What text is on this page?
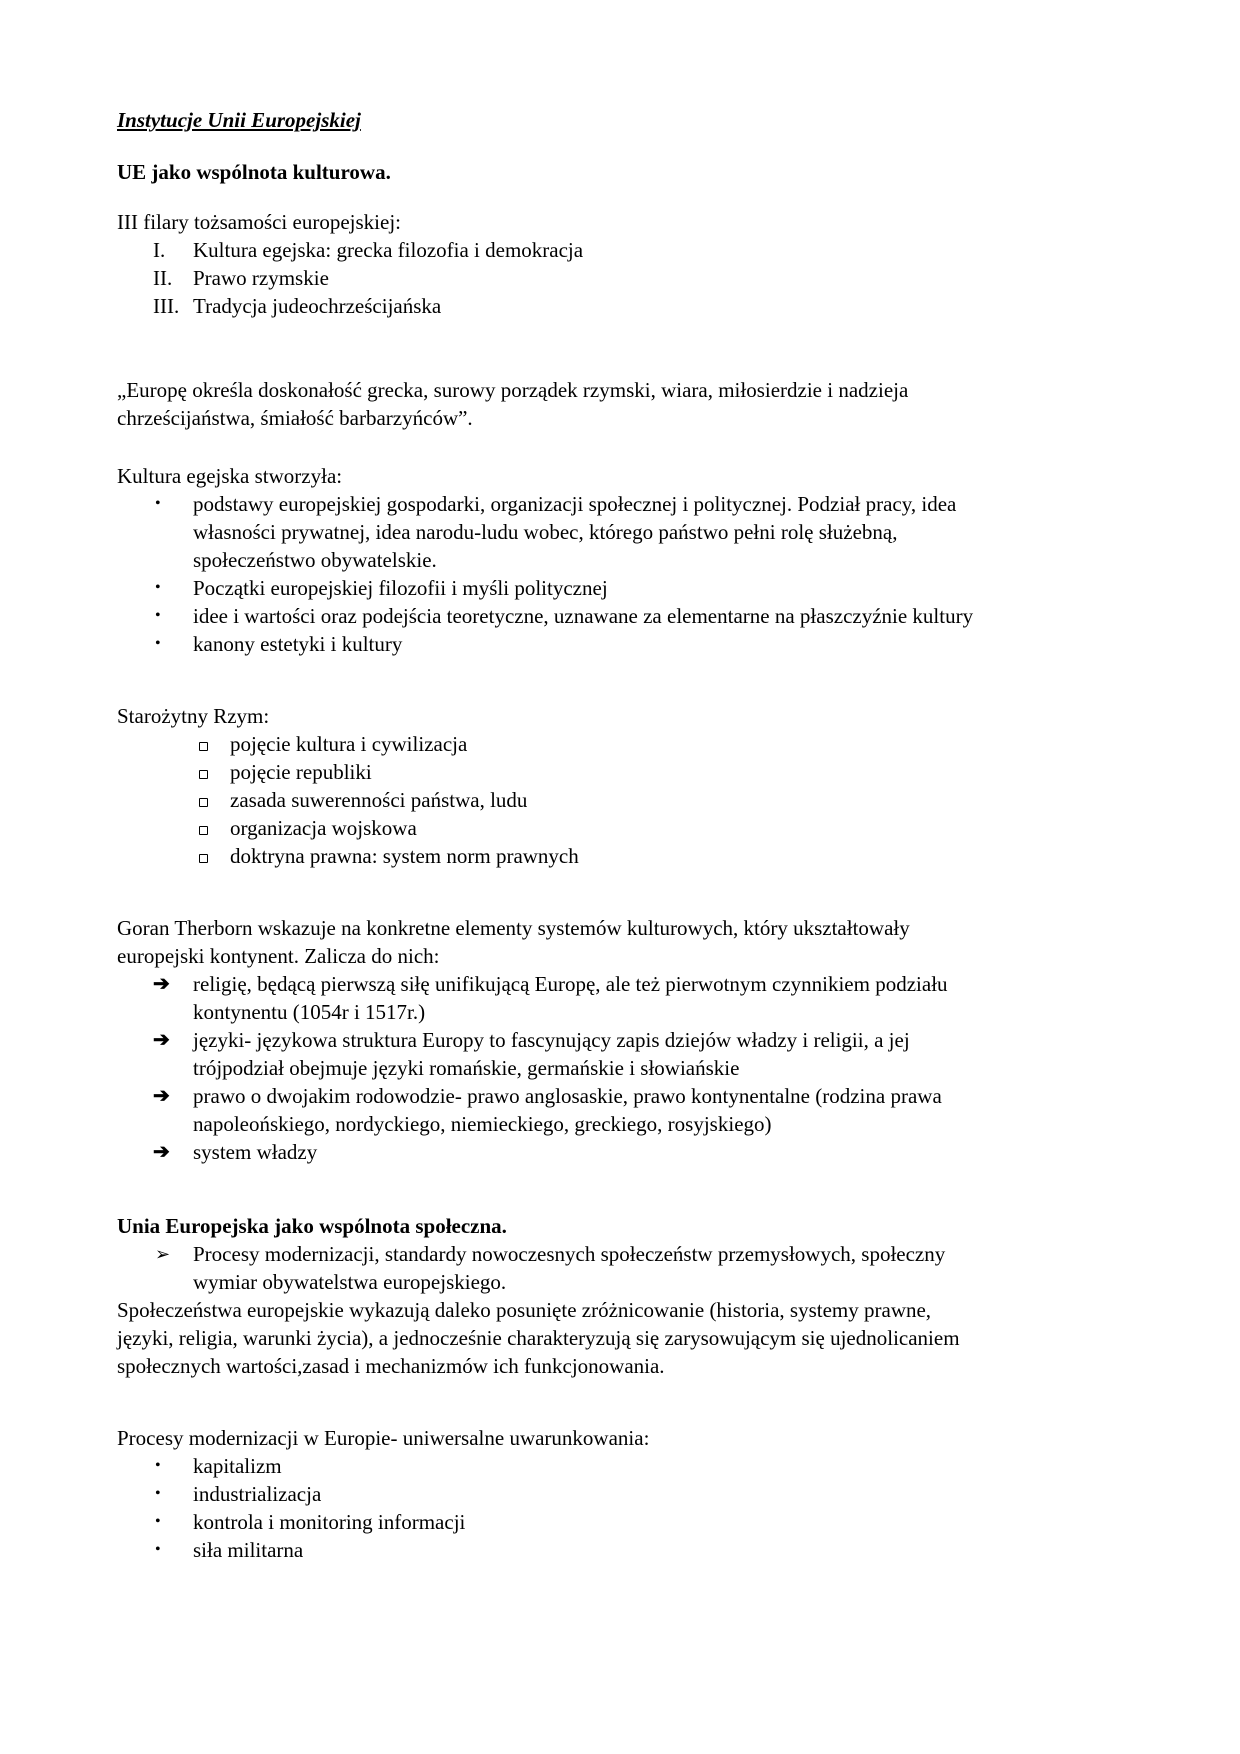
Instytucje Unii Europejskiej
UE jako wspólnota kulturowa.
III filary tożsamości europejskiej:
I.	Kultura egejska: grecka filozofia i demokracja
II. Prawo rzymskie
III. Tradycja judeochrześcijańska
„Europę określa doskonałość grecka, surowy porządek rzymski, wiara, miłosierdzie i nadzieja
chrześcijaństwa, śmiałość barbarzyńców”.
Kultura egejska stworzyła:
• podstawy europejskiej gospodarki, organizacji społecznej i politycznej. Podział pracy, idea
własności prywatnej, idea narodu-ludu wobec, którego państwo pełni rolę służebną,
społeczeństwo obywatelskie.
• Początki europejskiej filozofii i myśli politycznej
• idee i wartości oraz podejścia teoretyczne, uznawane za elementarne na płaszczyźnie kultury
• kanony estetyki i kultury
Starożytny Rzym:
pojęcie kultura i cywilizacja
pojęcie republiki
zasada suwerenności państwa, ludu
organizacja wojskowa
doktryna prawna: system norm prawnych
Goran Therborn wskazuje na konkretne elementy systemów kulturowych, który ukształtowały
europejski kontynent. Zalicza do nich:
➔ religię, będącą pierwszą siłę unifikującą Europę, ale też pierwotnym czynnikiem podziału
kontynentu (1054r i 1517r.)
➔ języki- językowa struktura Europy to fascynujący zapis dziejów władzy i religii, a jej
trójpodział obejmuje języki romańskie, germańskie i słowiańskie
➔ prawo o dwojakim rodowodzie- prawo anglosaskie, prawo kontynentalne (rodzina prawa
napoleońskiego, nordyckiego, niemieckiego, greckiego, rosyjskiego)
➔ system władzy
Unia Europejska jako wspólnota społeczna.
➢ Procesy modernizacji, standardy nowoczesnych społeczeństw przemysłowych, społeczny
wymiar obywatelstwa europejskiego.
Społeczeństwa europejskie wykazują daleko posunięte zróżnicowanie (historia, systemy prawne,
języki, religia, warunki życia), a jednocześnie charakteryzują się zarysowującym się ujednolicaniem
społecznych wartości,zasad i mechanizmów ich funkcjonowania.
Procesy modernizacji w Europie- uniwersalne uwarunkowania:
• kapitalizm
• industrializacja
• kontrola i monitoring informacji
• siła militarna
